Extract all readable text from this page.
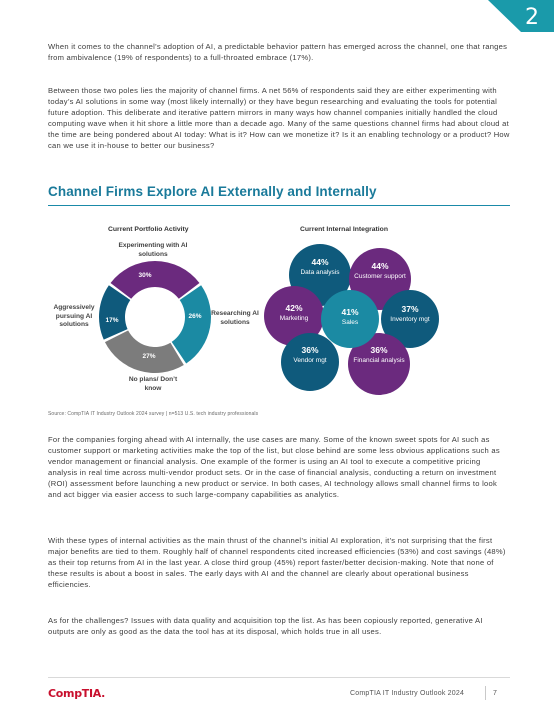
2

When it comes to the channel’s adoption of AI, a predictable behavior pattern has emerged across the channel, one that ranges from ambivalence (19% of respondents) to a full-throated embrace (17%).

Between those two poles lies the majority of channel firms. A net 56% of respondents said they are either experimenting with today’s AI solutions in some way (most likely internally) or they have begun researching and evaluating the tools for potential future adoption. This deliberate and iterative pattern mirrors in many ways how channel companies initially handled the cloud computing wave when it hit shore a little more than a decade ago. Many of the same questions channel firms had about cloud at the time are being pondered about AI today: What is it? How can we monetize it? Is it an enabling technology or a product? How can we use it in-house to better our business?

Channel Firms Explore AI Externally and Internally
Current Portfolio Activity
30%
26%
27%
17%
Experimenting with AI solutions
Researching AI solutions
No plans/ Don’t know
Aggressively pursuing AI solutions
Current Internal Integration
44%
Data analysis
44%
Customer support
42%
Marketing
37%
Inventory mgt
36%
Vendor mgt
36%
Financial analysis
41%
Sales
Source: CompTIA IT Industry Outlook 2024 survey | n=513 U.S. tech industry professionals

For the companies forging ahead with AI internally, the use cases are many. Some of the known sweet spots for AI such as customer support or marketing activities make the top of the list, but close behind are some less obvious applications such as vendor management or financial analysis. One example of the former is using an AI tool to execute a competitive pricing analysis in real time across multi-vendor product sets. Or in the case of financial analysis, conducting a return on investment (ROI) assessment before launching a new product or service. In both cases, AI technology allows small channel firms to look and act bigger via easier access to such large-company capabilities as analytics.

With these types of internal activities as the main thrust of the channel’s initial AI exploration, it’s not surprising that the first major benefits are tied to them. Roughly half of channel respondents cited increased efficiencies (53%) and cost savings (48%) as their top returns from AI in the last year. A close third group (45%) report faster/better decision-making. Note that none of these results is about a boost in sales. The early days with AI and the channel are clearly about operational business efficiencies.

As for the challenges? Issues with data quality and acquisition top the list. As has been copiously reported, generative AI outputs are only as good as the data the tool has at its disposal, which holds true in all uses.

CompTIA.	CompTIA IT Industry Outlook 2024	7
